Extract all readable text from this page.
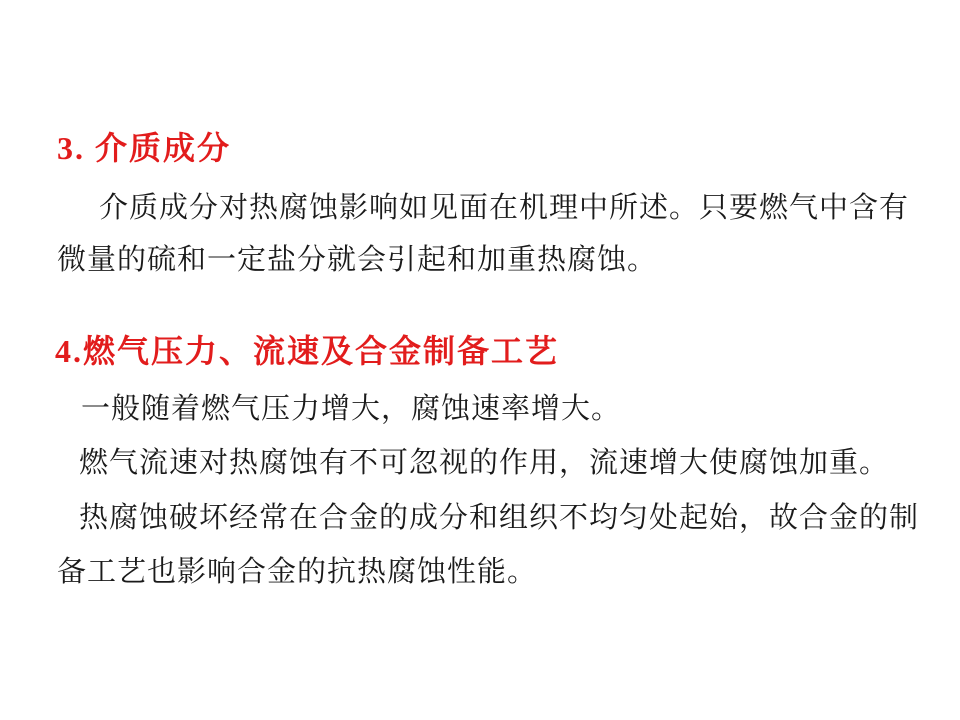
3. 介质成分
介质成分对热腐蚀影响如见面在机理中所述。只要燃气中含有
微量的硫和一定盐分就会引起和加重热腐蚀。
4.燃气压力、流速及合金制备工艺
一般随着燃气压力增大，腐蚀速率增大。
燃气流速对热腐蚀有不可忽视的作用，流速增大使腐蚀加重。
热腐蚀破坏经常在合金的成分和组织不均匀处起始，故合金的制
备工艺也影响合金的抗热腐蚀性能。
